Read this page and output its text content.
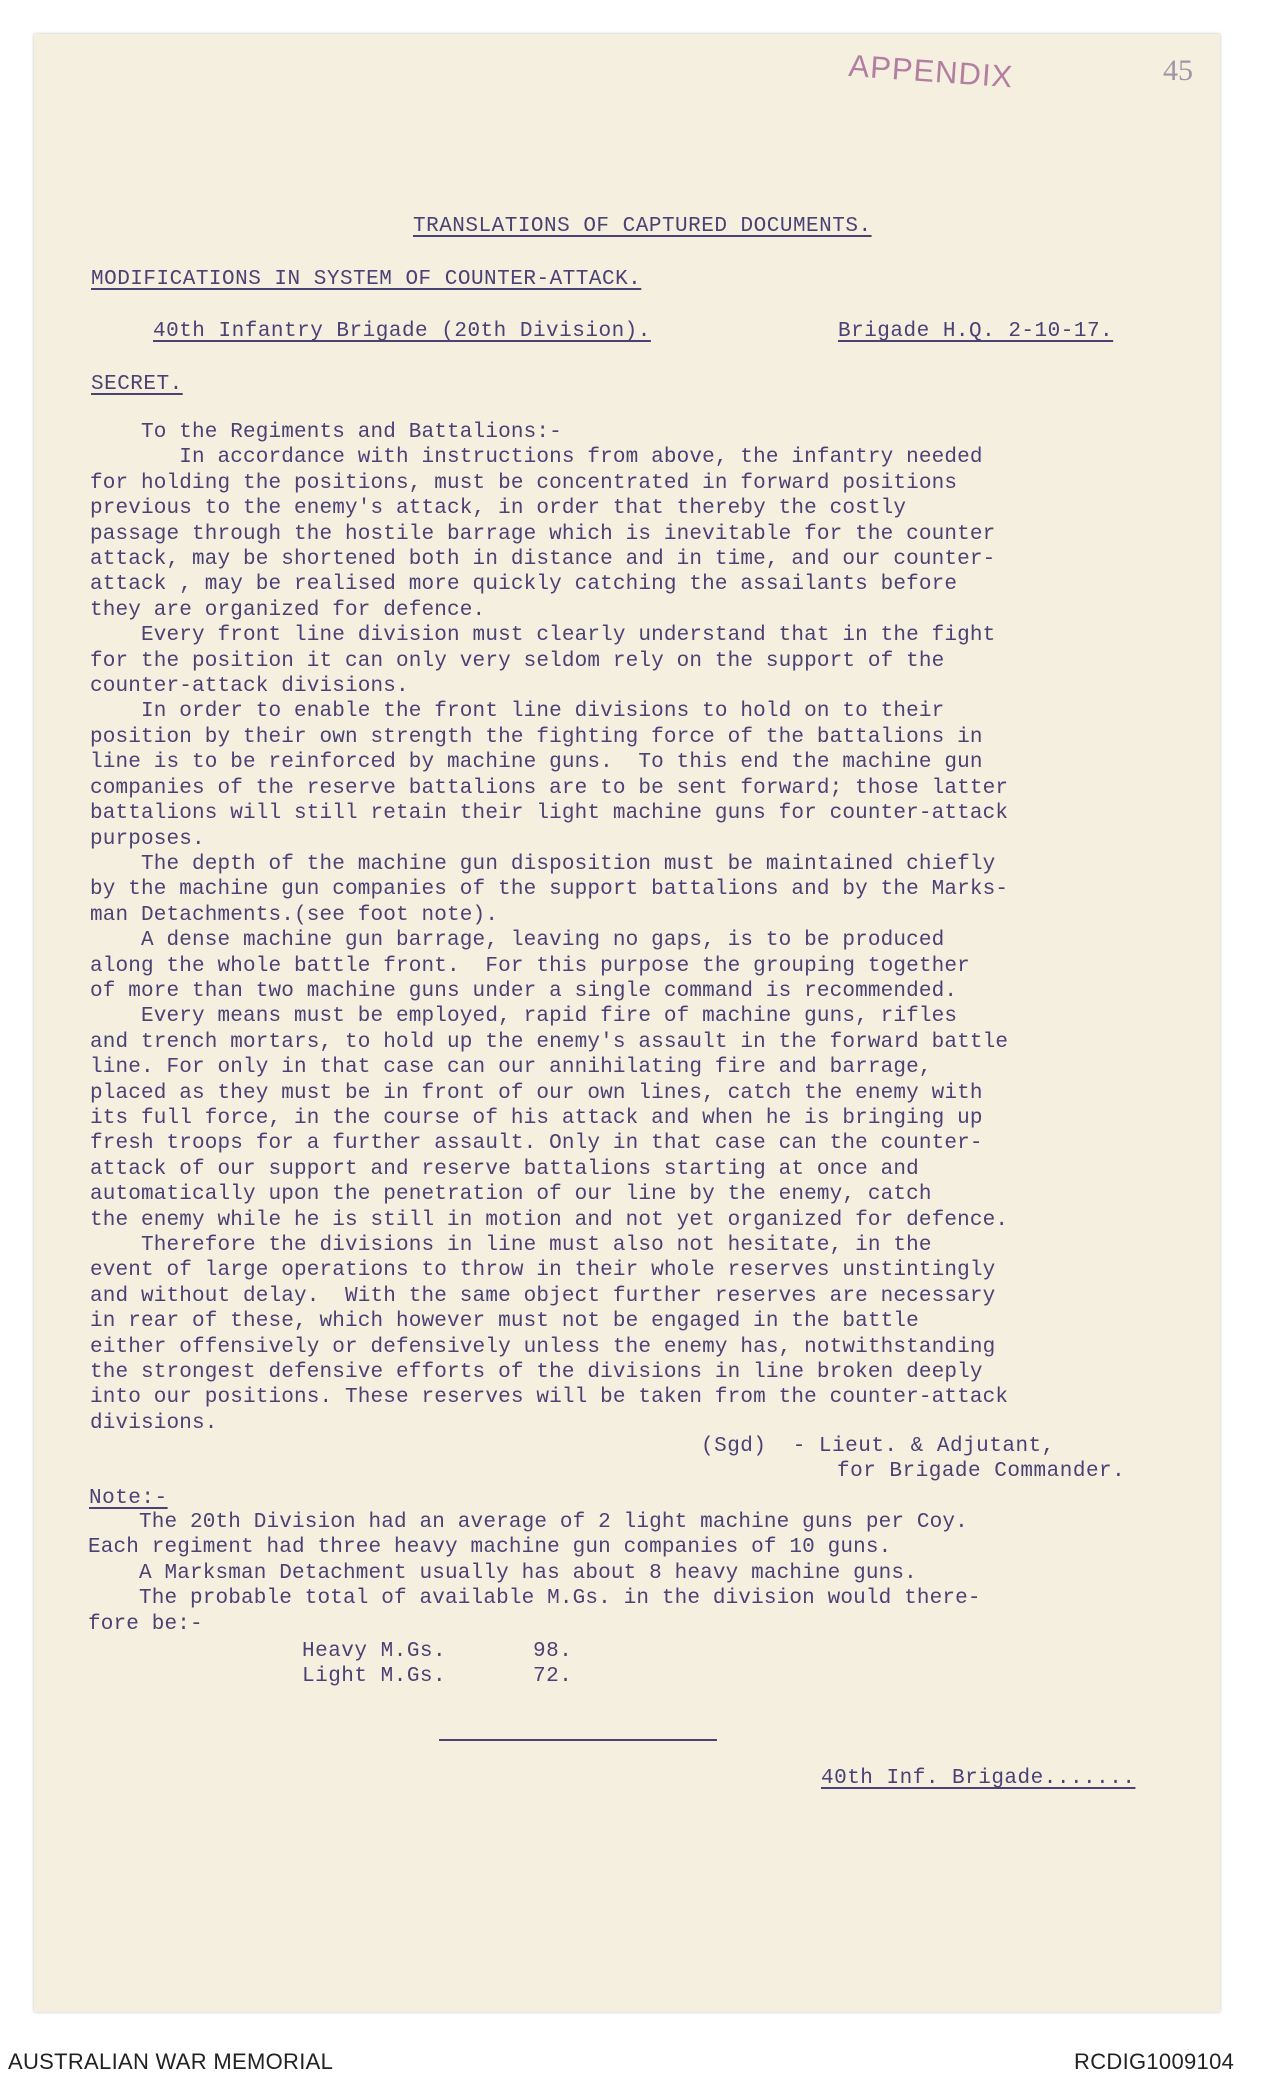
APPENDIX	45
TRANSLATIONS OF CAPTURED DOCUMENTS.
MODIFICATIONS IN SYSTEM OF COUNTER-ATTACK.
40th Infantry Brigade (20th Division).	Brigade H.Q. 2-10-17.
SECRET.
To the Regiments and Battalions:-
In accordance with instructions from above, the infantry needed
for holding the positions, must be concentrated in forward positions
previous to the enemy's attack, in order that thereby the costly
passage through the hostile barrage which is inevitable for the counter
attack, may be shortened both in distance and in time, and our counter-
attack , may be realised more quickly catching the assailants before
they are organized for defence.
Every front line division must clearly understand that in the fight
for the position it can only very seldom rely on the support of the
counter-attack divisions.
In order to enable the front line divisions to hold on to their
position by their own strength the fighting force of the battalions in
line is to be reinforced by machine guns.  To this end the machine gun
companies of the reserve battalions are to be sent forward; those latter
battalions will still retain their light machine guns for counter-attack
purposes.
The depth of the machine gun disposition must be maintained chiefly
by the machine gun companies of the support battalions and by the Marks-
man Detachments.(see foot note).
A dense machine gun barrage, leaving no gaps, is to be produced
along the whole battle front.  For this purpose the grouping together
of more than two machine guns under a single command is recommended.
Every means must be employed, rapid fire of machine guns, rifles
and trench mortars, to hold up the enemy's assault in the forward battle
line. For only in that case can our annihilating fire and barrage,
placed as they must be in front of our own lines, catch the enemy with
its full force, in the course of his attack and when he is bringing up
fresh troops for a further assault. Only in that case can the counter-
attack of our support and reserve battalions starting at once and
automatically upon the penetration of our line by the enemy, catch
the enemy while he is still in motion and not yet organized for defence.
Therefore the divisions in line must also not hesitate, in the
event of large operations to throw in their whole reserves unstintingly
and without delay.  With the same object further reserves are necessary
in rear of these, which however must not be engaged in the battle
either offensively or defensively unless the enemy has, notwithstanding
the strongest defensive efforts of the divisions in line broken deeply
into our positions. These reserves will be taken from the counter-attack
divisions.
(Sgd)  - Lieut. & Adjutant,
for Brigade Commander.
Note:-
The 20th Division had an average of 2 light machine guns per Coy.
Each regiment had three heavy machine gun companies of 10 guns.
A Marksman Detachment usually has about 8 heavy machine guns.
The probable total of available M.Gs. in the division would there-
fore be:-
Heavy M.Gs.	98.
Light M.Gs.	72.
40th Inf. Brigade.......
AUSTRALIAN WAR MEMORIAL	RCDIG1009104
